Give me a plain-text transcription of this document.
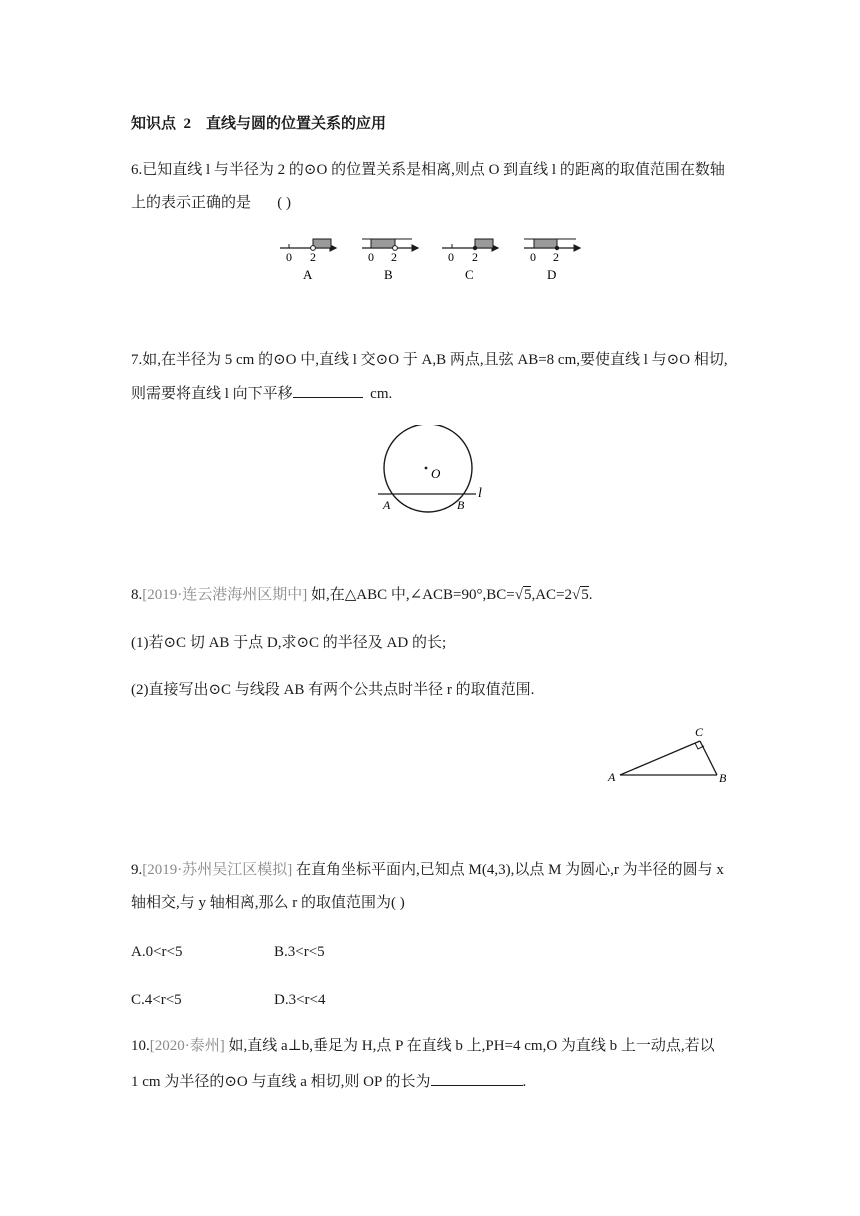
知识点 2 直线与圆的位置关系的应用
6.已知直线 l 与半径为 2 的⊙O 的位置关系是相离,则点 O 到直线 l 的距离的取值范围在数轴
上的表示正确的是 ( )
0 2
A
0 2
B
0 2
C
0 2
D
7.如,在半径为 5 cm 的⊙O 中,直线 l 交⊙O 于 A,B 两点,且弦 AB=8 cm,要使直线 l 与⊙O 相切,
则需要将直线 l 向下平移	cm.
O
l
A	B
8.[2019·连云港海州区期中] 如,在△ABC 中,∠ACB=90°,BC=√5,AC=2√5.
(1)若⊙C 切 AB 于点 D,求⊙C 的半径及 AD 的长;
(2)直接写出⊙C 与线段 AB 有两个公共点时半径 r 的取值范围.
A	B
C
9.[2019·苏州吴江区模拟] 在直角坐标平面内,已知点 M(4,3),以点 M 为圆心,r 为半径的圆与 x
轴相交,与 y 轴相离,那么 r 的取值范围为( )
A.0<r<5	B.3<r<5
C.4<r<5	D.3<r<4
10.[2020·泰州] 如,直线 a⊥b,垂足为 H,点 P 在直线 b 上,PH=4 cm,O 为直线 b 上一动点,若以
1 cm 为半径的⊙O 与直线 a 相切,则 OP 的长为	.
